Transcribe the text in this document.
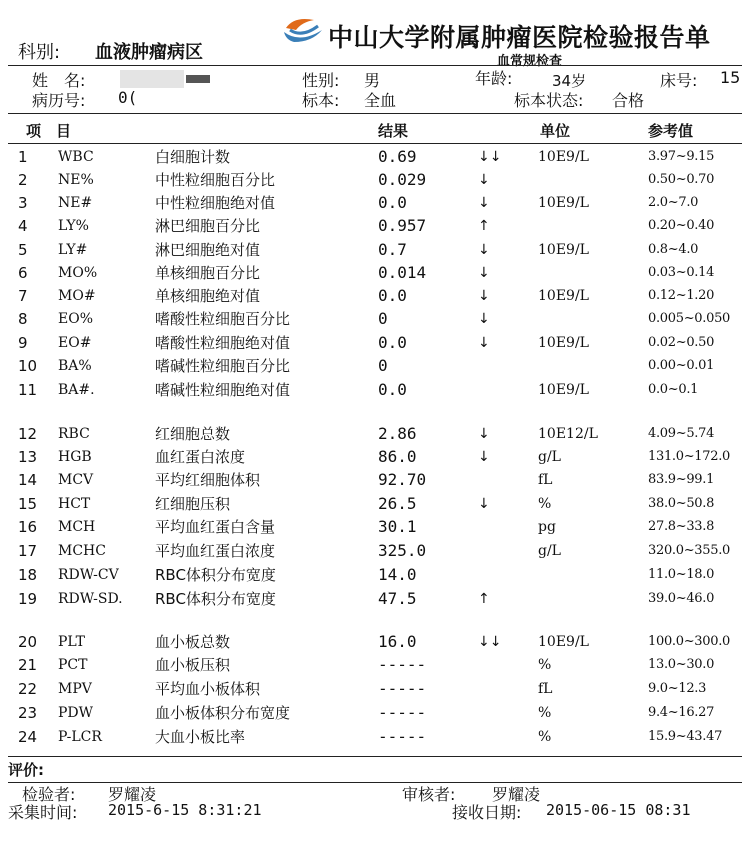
科别: 血液肿瘤病区
中山大学附属肿瘤医院检验报告单
血常规检查
姓　名:	性别: 男	年龄:	34岁	床号: 15
病历号: 0(	标本: 全血	标本状态: 合格
项　目	结果	单位	参考值
1 WBC	白细胞计数	0.69	↓↓	10E9/L	3.97~9.15
2 NE%	中性粒细胞百分比	0.029	↓	0.50~0.70
3 NE#	中性粒细胞绝对值	0.0	↓	10E9/L	2.0~7.0
4 LY%	淋巴细胞百分比	0.957	↑	0.20~0.40
5 LY#	淋巴细胞绝对值	0.7	↓	10E9/L	0.8~4.0
6 MO%	单核细胞百分比	0.014	↓	0.03~0.14
7 MO#	单核细胞绝对值	0.0	↓	10E9/L	0.12~1.20
8 EO%	嗜酸性粒细胞百分比	0	↓	0.005~0.050
9 EO#	嗜酸性粒细胞绝对值	0.0	↓	10E9/L	0.02~0.50
10 BA%	嗜碱性粒细胞百分比	0	0.00~0.01
11 BA#.	嗜碱性粒细胞绝对值	0.0	10E9/L	0.0~0.1
12 RBC	红细胞总数	2.86	↓	10E12/L	4.09~5.74
13 HGB	血红蛋白浓度	86.0	↓	g/L	131.0~172.0
14 MCV	平均红细胞体积	92.70	fL	83.9~99.1
15 HCT	红细胞压积	26.5	↓	%	38.0~50.8
16 MCH	平均血红蛋白含量	30.1	pg	27.8~33.8
17 MCHC	平均血红蛋白浓度	325.0	g/L	320.0~355.0
18 RDW-CV RBC体积分布宽度	14.0	11.0~18.0
19 RDW-SD. RBC体积分布宽度	47.5	↑	39.0~46.0
20 PLT	血小板总数	16.0	↓↓	10E9/L	100.0~300.0
21 PCT	血小板压积	-----	%	13.0~30.0
22 MPV	平均血小板体积	-----	fL	9.0~12.3
23 PDW	血小板体积分布宽度	-----	%	9.4~16.27
24 P-LCR	大血小板比率	-----	%	15.9~43.47
评价:
检验者: 罗耀凌	审核者: 罗耀凌
采集时间: 2015-6-15 8:31:21	接收日期: 2015-06-15 08:31
